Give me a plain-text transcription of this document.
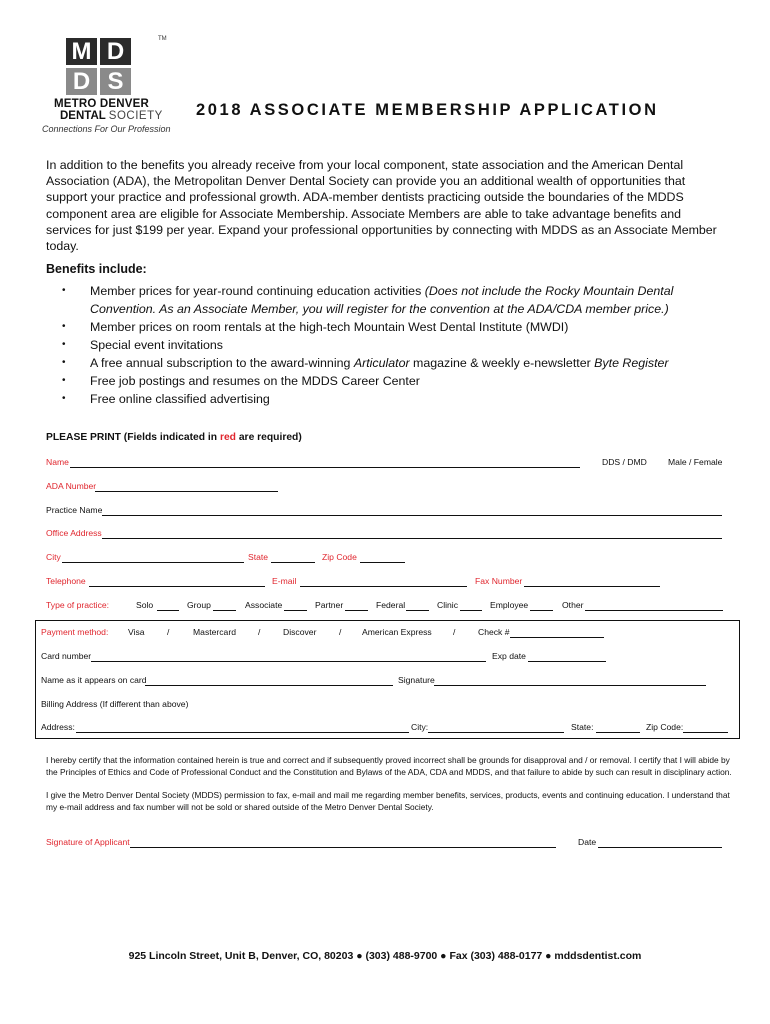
M D
D S
TM
METRO DENVER
DENTAL SOCIETY
Connections For Our Profession
2018 ASSOCIATE MEMBERSHIP APPLICATION
In addition to the benefits you already receive from your local component, state association and the American Dental Association (ADA), the Metropolitan Denver Dental Society can provide you an additional wealth of opportunities that support your practice and professional growth. ADA-member dentists practicing outside the boundaries of the MDDS component area are eligible for Associate Membership. Associate Members are able to take advantage benefits and services for just $199 per year. Expand your professional opportunities by connecting with MDDS as an Associate Member today.
Benefits include:
• Member prices for year-round continuing education activities (Does not include the Rocky Mountain Dental Convention. As an Associate Member, you will register for the convention at the ADA/CDA member price.)
• Member prices on room rentals at the high-tech Mountain West Dental Institute (MWDI)
• Special event invitations
• A free annual subscription to the award-winning Articulator magazine & weekly e-newsletter Byte Register
• Free job postings and resumes on the MDDS Career Center
• Free online classified advertising
PLEASE PRINT (Fields indicated in red are required)
Name	DDS / DMD Male / Female
ADA Number
Practice Name
Office Address
City	State	Zip Code
Telephone	E-mail	Fax Number
Type of practice:	Solo	Group	Associate	Partner	Federal	Clinic	Employee	Other
Payment method: Visa	/	Mastercard	/	Discover	/ American Express /	Check #
Card number	Exp date
Name as it appears on card	Signature
Billing Address (If different than above)
Address:	City:	State:	Zip Code:
I hereby certify that the information contained herein is true and correct and if subsequently proved incorrect shall be grounds for disapproval and / or removal. I certify that I will abide by the Principles of Ethics and Code of Professional Conduct and the Constitution and Bylaws of the ADA, CDA and MDDS, and that failure to abide by such can result in disciplinary action.
I give the Metro Denver Dental Society (MDDS) permission to fax, e-mail and mail me regarding member benefits, services, products, events and continuing education. I understand that my e-mail address and fax number will not be sold or shared outside of the Metro Denver Dental Society.
Signature of Applicant	Date
925 Lincoln Street, Unit B, Denver, CO, 80203 ● (303) 488-9700 ● Fax (303) 488-0177 ● mddsdentist.com
